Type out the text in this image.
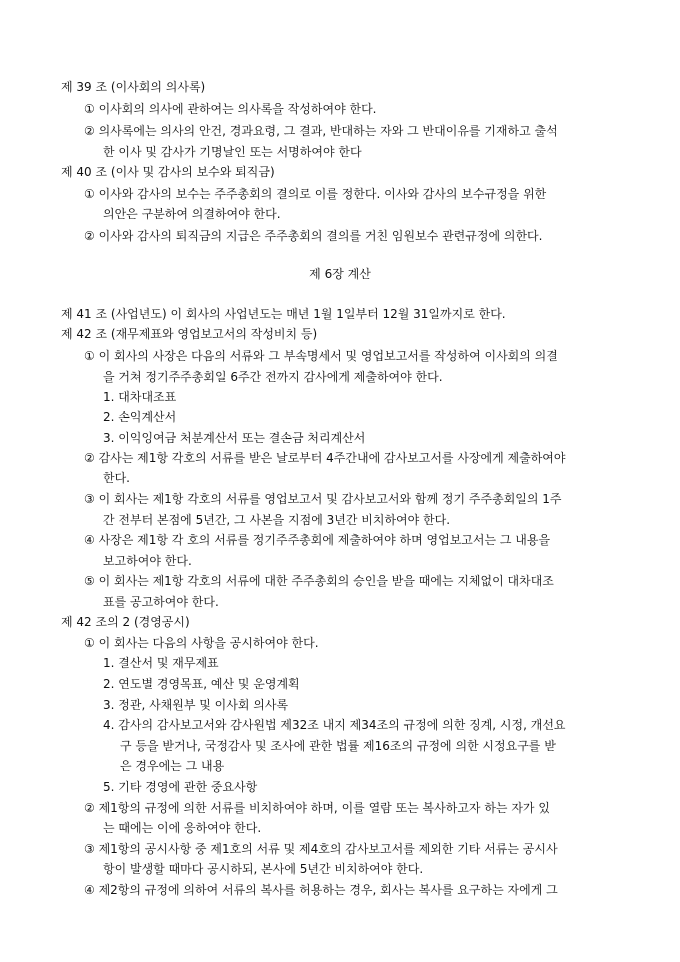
제 39 조 (이사회의 의사록)
① 이사회의 의사에 관하여는 의사록을 작성하여야 한다.
② 의사록에는 의사의 안건, 경과요령, 그 결과, 반대하는 자와 그 반대이유를 기재하고 출석
한 이사 및 감사가 기명날인 또는 서명하여야 한다
제 40 조 (이사 및 감사의 보수와 퇴직금)
① 이사와 감사의 보수는 주주총회의 결의로 이를 정한다. 이사와 감사의 보수규정을 위한
의안은 구분하여 의결하여야 한다.
② 이사와 감사의 퇴직금의 지급은 주주총회의 결의를 거친 임원보수 관련규정에 의한다.
제 6장 계산
제 41 조 (사업년도) 이 회사의 사업년도는 매년 1월 1일부터 12월 31일까지로 한다.
제 42 조 (재무제표와 영업보고서의 작성비치 등)
① 이 회사의 사장은 다음의 서류와 그 부속명세서 및 영업보고서를 작성하여 이사회의 의결
을 거쳐 정기주주총회일 6주간 전까지 감사에게 제출하여야 한다.
1. 대차대조표
2. 손익계산서
3. 이익잉여금 처분계산서 또는 결손금 처리계산서
② 감사는 제1항 각호의 서류를 받은 날로부터 4주간내에 감사보고서를 사장에게 제출하여야
한다.
③ 이 회사는 제1항 각호의 서류를 영업보고서 및 감사보고서와 함께 정기 주주총회일의 1주
간 전부터 본점에 5년간, 그 사본을 지점에 3년간 비치하여야 한다.
④ 사장은 제1항 각 호의 서류를 정기주주총회에 제출하여야 하며 영업보고서는 그 내용을
보고하여야 한다.
⑤ 이 회사는 제1항 각호의 서류에 대한 주주총회의 승인을 받을 때에는 지체없이 대차대조
표를 공고하여야 한다.
제 42 조의 2 (경영공시)
① 이 회사는 다음의 사항을 공시하여야 한다.
1. 결산서 및 재무제표
2. 연도별 경영목표, 예산 및 운영계획
3. 정관, 사채원부 및 이사회 의사록
4. 감사의 감사보고서와 감사원법 제32조 내지 제34조의 규정에 의한 징계, 시정, 개선요
구 등을 받거나, 국정감사 및 조사에 관한 법률 제16조의 규정에 의한 시정요구를 받
은 경우에는 그 내용
5. 기타 경영에 관한 중요사항
② 제1항의 규정에 의한 서류를 비치하여야 하며, 이를 열람 또는 복사하고자 하는 자가 있
는 때에는 이에 응하여야 한다.
③ 제1항의 공시사항 중 제1호의 서류 및 제4호의 감사보고서를 제외한 기타 서류는 공시사
항이 발생할 때마다 공시하되, 본사에 5년간 비치하여야 한다.
④ 제2항의 규정에 의하여 서류의 복사를 허용하는 경우, 회사는 복사를 요구하는 자에게 그
